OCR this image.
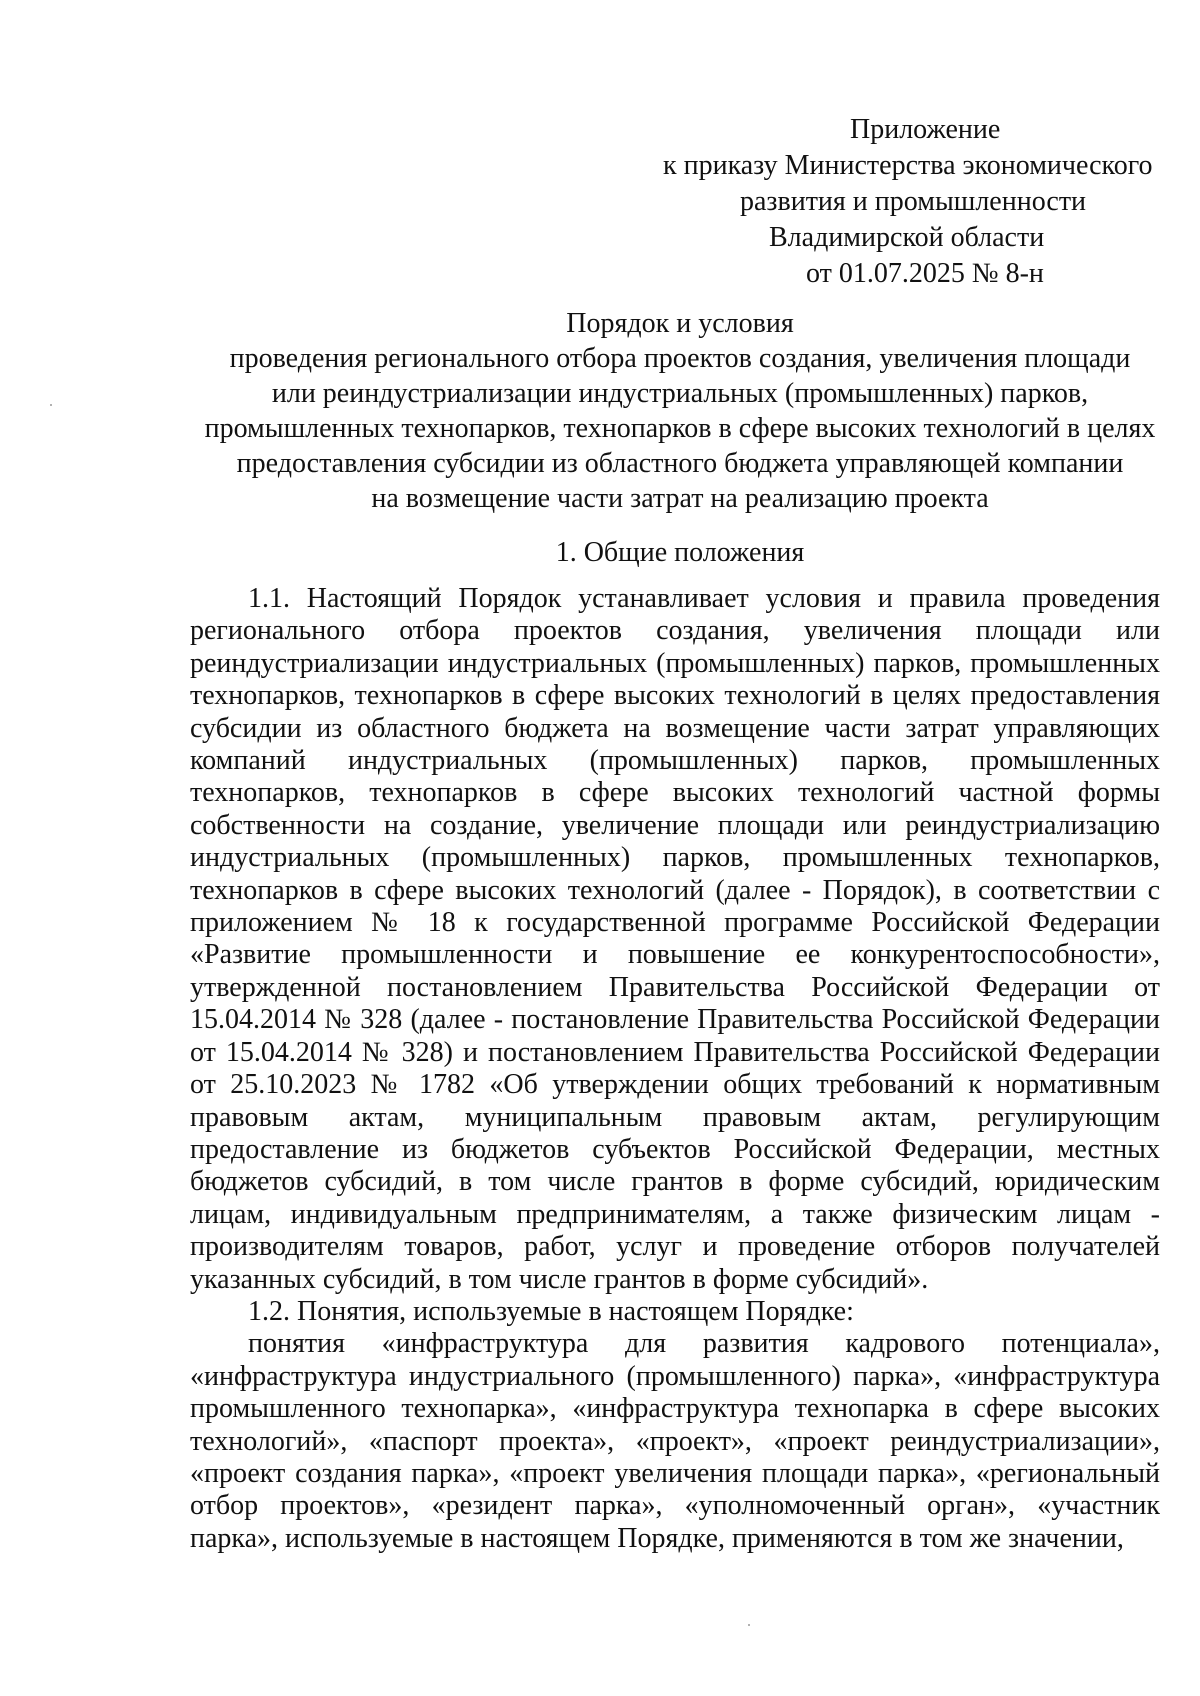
Приложение
к приказу Министерства экономического
развития и промышленности
Владимирской области
от 01.07.2025 № 8-н
Порядок и условия
проведения регионального отбора проектов создания, увеличения площади
или реиндустриализации индустриальных (промышленных) парков,
промышленных технопарков, технопарков в сфере высоких технологий в целях
предоставления субсидии из областного бюджета управляющей компании
на возмещение части затрат на реализацию проекта
1. Общие положения

1.1. Настоящий Порядок устанавливает условия и правила проведения регионального отбора проектов создания, увеличения площади или реиндустриализации индустриальных (промышленных) парков, промышленных технопарков, технопарков в сфере высоких технологий в целях предоставления субсидии из областного бюджета на возмещение части затрат управляющих компаний индустриальных (промышленных) парков, промышленных технопарков, технопарков в сфере высоких технологий частной формы собственности на создание, увеличение площади или реиндустриализацию индустриальных (промышленных) парков, промышленных технопарков, технопарков в сфере высоких технологий (далее - Порядок), в соответствии с приложением № 18 к государственной программе Российской Федерации «Развитие промышленности и повышение ее конкурентоспособности», утвержденной постановлением Правительства Российской Федерации от 15.04.2014 № 328 (далее - постановление Правительства Российской Федерации от 15.04.2014 № 328) и постановлением Правительства Российской Федерации от 25.10.2023 № 1782 «Об утверждении общих требований к нормативным правовым актам, муниципальным правовым актам, регулирующим предоставление из бюджетов субъектов Российской Федерации, местных бюджетов субсидий, в том числе грантов в форме субсидий, юридическим лицам, индивидуальным предпринимателям, а также физическим лицам - производителям товаров, работ, услуг и проведение отборов получателей указанных субсидий, в том числе грантов в форме субсидий».

1.2. Понятия, используемые в настоящем Порядке:

понятия «инфраструктура для развития кадрового потенциала», «инфраструктура индустриального (промышленного) парка», «инфраструктура промышленного технопарка», «инфраструктура технопарка в сфере высоких технологий», «паспорт проекта», «проект», «проект реиндустриализации», «проект создания парка», «проект увеличения площади парка», «региональный отбор проектов», «резидент парка», «уполномоченный орган», «участник парка», используемые в настоящем Порядке, применяются в том же значении,
